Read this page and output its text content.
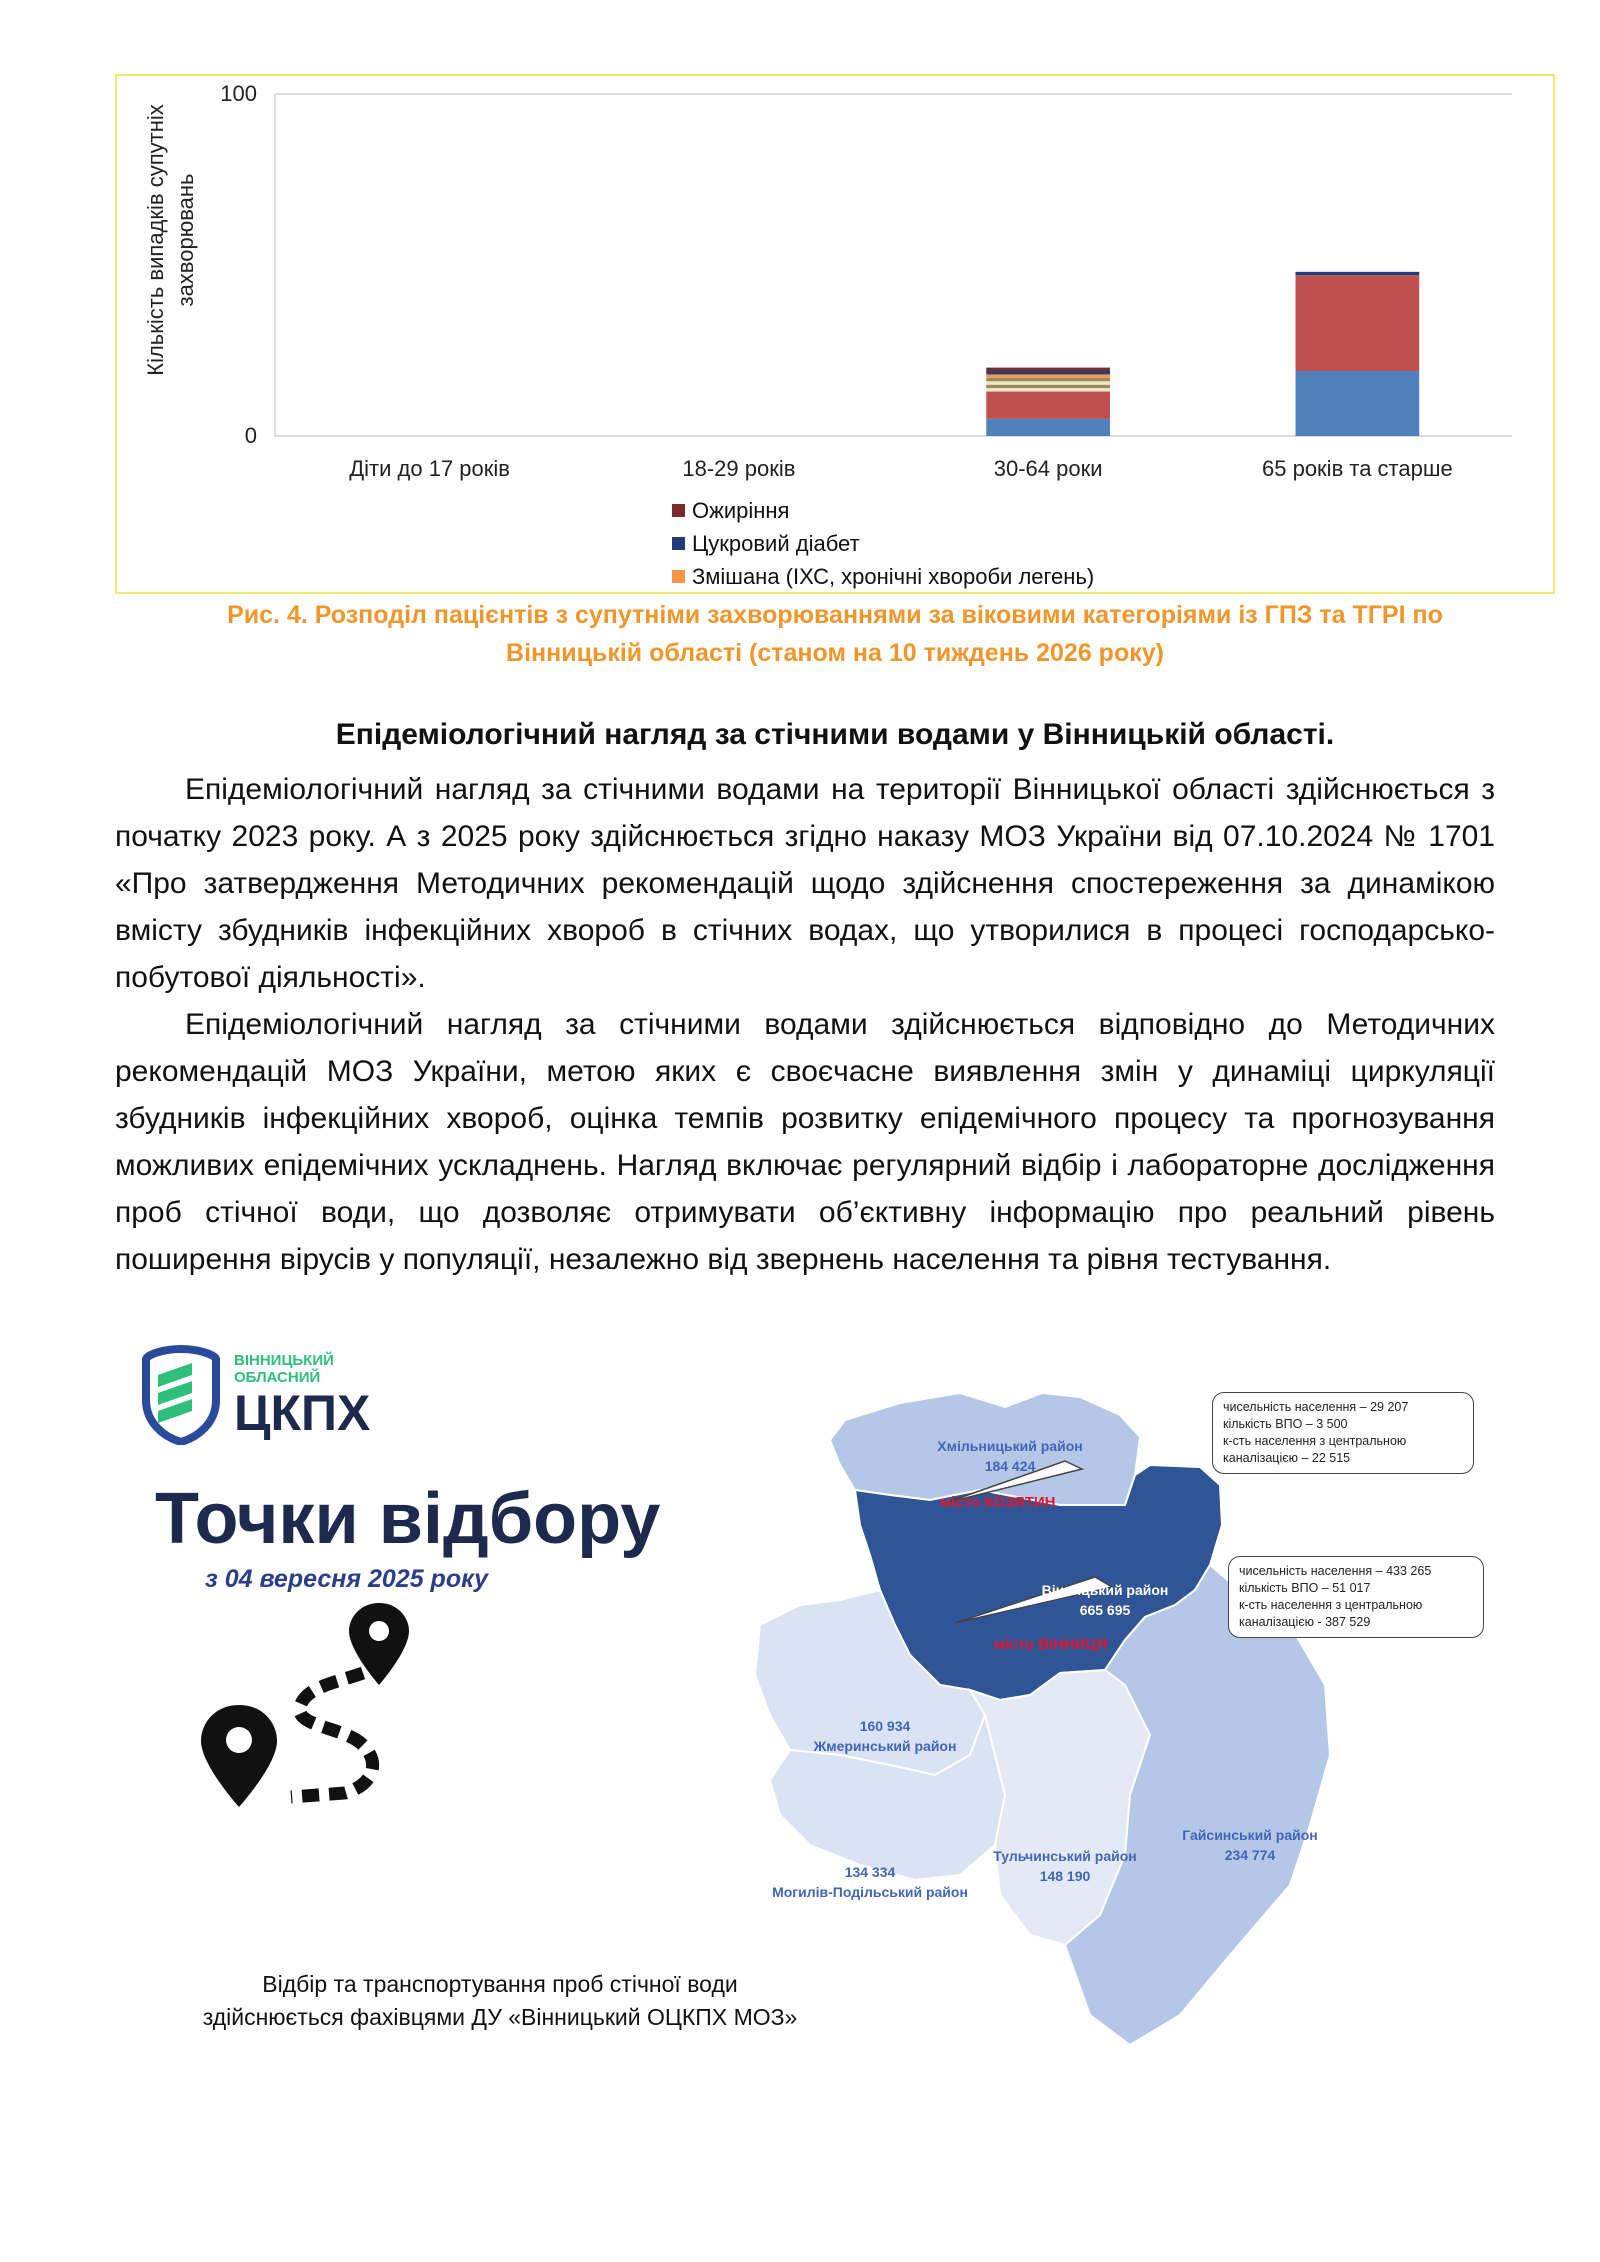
0
100
Кількість випадків супутніх захворювань
Діти до 17 років	18-29 років	30-64 роки	65 років та старше
Ожиріння
Цукровий діабет
Змішана (ІХС, хронічні хвороби легень)
Рис. 4. Розподіл пацієнтів з супутніми захворюваннями за віковими категоріями із ГПЗ та ТГРІ по
Вінницькій області (станом на 10 тиждень 2026 року)
Епідеміологічний нагляд за стічними водами у Вінницькій області.

Епідеміологічний нагляд за стічними водами на території Вінницької області здійснюється з початку 2023 року. А з 2025 року здійснюється згідно наказу МОЗ України від 07.10.2024 № 1701 «Про затвердження Методичних рекомендацій щодо здійснення спостереження за динамікою вмісту збудників інфекційних хвороб в стічних водах, що утворилися в процесі господарсько-побутової діяльності».

Епідеміологічний нагляд за стічними водами здійснюється відповідно до Методичних рекомендацій МОЗ України, метою яких є своєчасне виявлення змін у динаміці циркуляції збудників інфекційних хвороб, оцінка темпів розвитку епідемічного процесу та прогнозування можливих епідемічних ускладнень. Нагляд включає регулярний відбір і лабораторне дослідження проб стічної води, що дозволяє отримувати об’єктивну інформацію про реальний рівень поширення вірусів у популяції, незалежно від звернень населення та рівня тестування.

ВІННИЦЬКИЙ
ОБЛАСНИЙ
ЦКПХ
Точки відбору
з 04 вересня 2025 року
Відбір та транспортування проб стічної води
здійснюється фахівцями ДУ «Вінницький ОЦКПХ МОЗ»
Хмільницький район
184 424
Вінницький район
665 695
160 934
Жмеринський район
134 334
Могилів-Подільський район
Тульчинський район
148 190
Гайсинський район
234 774
місто КОЗЯТИН
місто ВІННИЦЯ
чисельність населення – 29 207
кількість ВПО – 3 500
к-сть населення з центральною
каналізацією – 22 515
чисельність населення – 433 265
кількість ВПО – 51 017
к-сть населення з центральною
каналізацією - 387 529
